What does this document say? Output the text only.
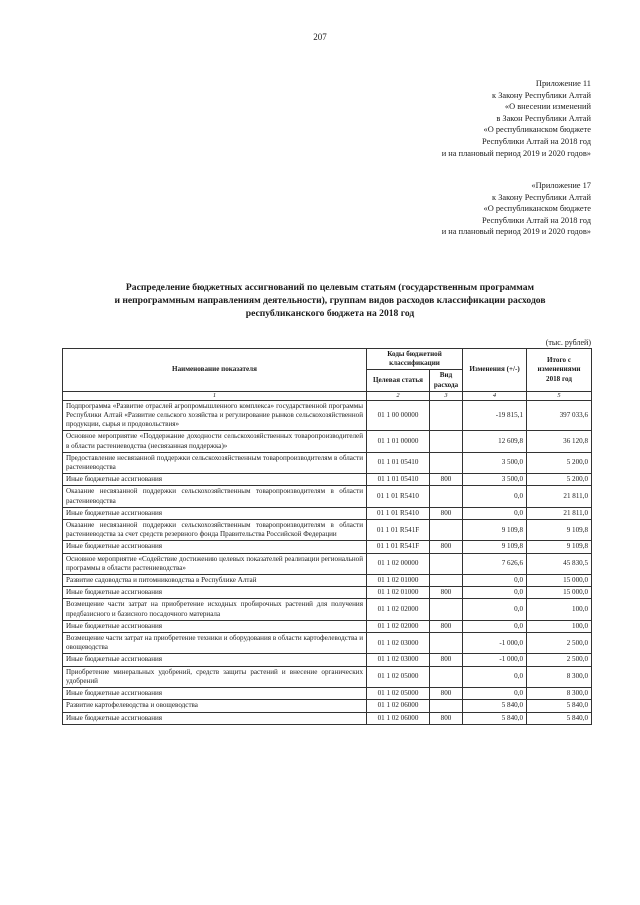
207
Приложение 11
к Закону Республики Алтай
«О внесении изменений
в Закон Республики Алтай
«О республиканском бюджете
Республики Алтай на 2018 год
и на плановый период 2019 и 2020 годов»
«Приложение 17
к Закону Республики Алтай
«О республиканском бюджете
Республики Алтай на 2018 год
и на плановый период 2019 и 2020 годов»
Распределение бюджетных ассигнований по целевым статьям (государственным программам
и непрограммным направлениям деятельности), группам видов расходов классификации расходов
республиканского бюджета на 2018 год
(тыс. рублей)
Наименование показателя	Коды бюджетной классификации		Изменения (+/-)	Итого с изменениями 2018 год
	Целевая статья	Вид расхода		
1	2	3	4	5
Подпрограмма «Развитие отраслей агропромышленного комплекса» государственной программы Республики Алтай «Развитие сельского хозяйства и регулирование рынков сельскохозяйственной продукции, сырья и продовольствия»	01 1 00 00000		-19 815,1	397 033,6
Основное мероприятие «Поддержание доходности сельскохозяйственных товаропроизводителей в области растениеводства (несвязанная поддержка)»	01 1 01 00000		12 609,8	36 120,8
Предоставление несвязанной поддержки сельскохозяйственным товаропроизводителям в области растениеводства	01 1 01 05410		3 500,0	5 200,0
Иные бюджетные ассигнования	01 1 01 05410	800	3 500,0	5 200,0
Оказание несвязанной поддержки сельскохозяйственным товаропроизводителям в области растениеводства	01 1 01 R5410		0,0	21 811,0
Иные бюджетные ассигнования	01 1 01 R5410	800	0,0	21 811,0
Оказание несвязанной поддержки сельскохозяйственным товаропроизводителям в области растениеводства за счет средств резервного фонда Правительства Российской Федерации	01 1 01 R541F		9 109,8	9 109,8
Иные бюджетные ассигнования	01 1 01 R541F	800	9 109,8	9 109,8
Основное мероприятие «Содействие достижению целевых показателей реализации региональной программы в области растениеводства»	01 1 02 00000		7 626,6	45 830,5
Развитие садоводства и питомниководства в Республике Алтай	01 1 02 01000		0,0	15 000,0
Иные бюджетные ассигнования	01 1 02 01000	800	0,0	15 000,0
Возмещение части затрат на приобретение исходных пробирочных растений для получения предбазисного и базисного посадочного материала	01 1 02 02000		0,0	100,0
Иные бюджетные ассигнования	01 1 02 02000	800	0,0	100,0
Возмещение части затрат на приобретение техники и оборудования в области картофелеводства и овощеводства	01 1 02 03000		-1 000,0	2 500,0
Иные бюджетные ассигнования	01 1 02 03000	800	-1 000,0	2 500,0
Приобретение минеральных удобрений, средств защиты растений и внесение органических удобрений	01 1 02 05000		0,0	8 300,0
Иные бюджетные ассигнования	01 1 02 05000	800	0,0	8 300,0
Развитие картофелеводства и овощеводства	01 1 02 06000		5 840,0	5 840,0
Иные бюджетные ассигнования	01 1 02 06000	800	5 840,0	5 840,0
